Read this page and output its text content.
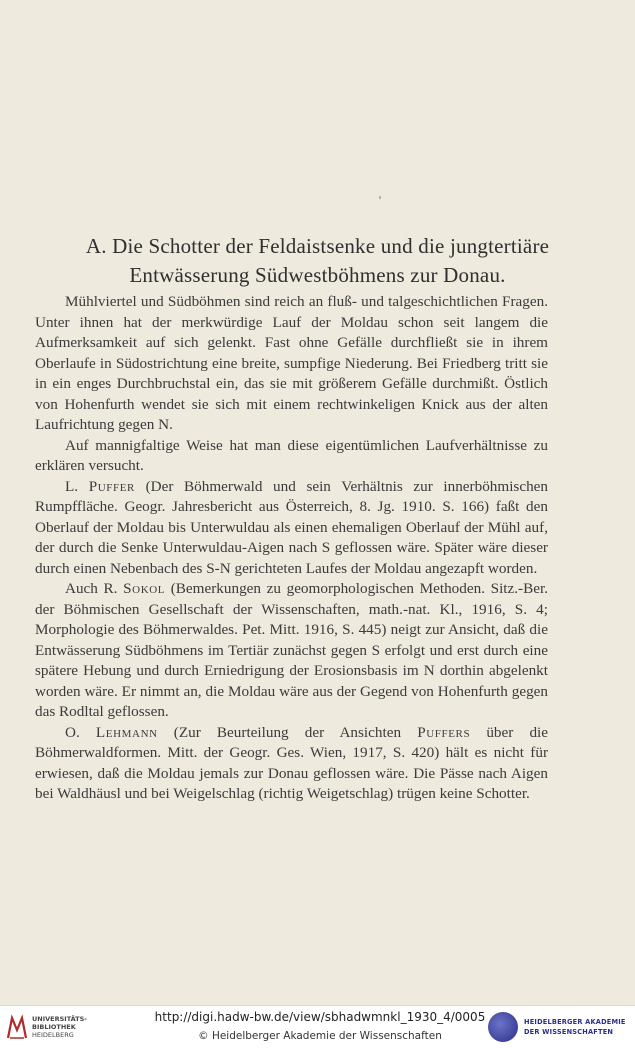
A. Die Schotter der Feldaistsenke und die jungtertiäre
Entwässerung Südwestböhmens zur Donau.

Mühlviertel und Südböhmen sind reich an fluß- und talgeschichtlichen Fragen. Unter ihnen hat der merkwürdige Lauf der Moldau schon seit langem die Aufmerksamkeit auf sich gelenkt. Fast ohne Gefälle durchfließt sie in ihrem Oberlaufe in Südostrichtung eine breite, sumpfige Niederung. Bei Friedberg tritt sie in ein enges Durchbruchstal ein, das sie mit größerem Gefälle durchmißt. Östlich von Hohenfurth wendet sie sich mit einem rechtwinkeligen Knick aus der alten Laufrichtung gegen N.

Auf mannigfaltige Weise hat man diese eigentümlichen Laufverhältnisse zu erklären versucht.

L. Puffer (Der Böhmerwald und sein Verhältnis zur innerböhmischen Rumpffläche. Geogr. Jahresbericht aus Österreich, 8. Jg. 1910. S. 166) faßt den Oberlauf der Moldau bis Unterwuldau als einen ehemaligen Oberlauf der Mühl auf, der durch die Senke Unterwuldau-Aigen nach S geflossen wäre. Später wäre dieser durch einen Nebenbach des S-N gerichteten Laufes der Moldau angezapft worden.

Auch R. Sokol (Bemerkungen zu geomorphologischen Methoden. Sitz.-Ber. der Böhmischen Gesellschaft der Wissenschaften, math.-nat. Kl., 1916, S. 4; Morphologie des Böhmerwaldes. Pet. Mitt. 1916, S. 445) neigt zur Ansicht, daß die Entwässerung Südböhmens im Tertiär zunächst gegen S erfolgt und erst durch eine spätere Hebung und durch Erniedrigung der Erosionsbasis im N dorthin abgelenkt worden wäre. Er nimmt an, die Moldau wäre aus der Gegend von Hohenfurth gegen das Rodltal geflossen.

O. Lehmann (Zur Beurteilung der Ansichten Puffers über die Böhmerwaldformen. Mitt. der Geogr. Ges. Wien, 1917, S. 420) hält es nicht für erwiesen, daß die Moldau jemals zur Donau geflossen wäre. Die Pässe nach Aigen bei Waldhäusl und bei Weigelschlag (richtig Weigetschlag) trügen keine Schotter.

UNIVERSITÄTS-
BIBLIOTHEK
HEIDELBERG
http://digi.hadw-bw.de/view/sbhadwmnkl_1930_4/0005
© Heidelberger Akademie der Wissenschaften
HEIDELBERGER AKADEMIE
DER WISSENSCHAFTEN
